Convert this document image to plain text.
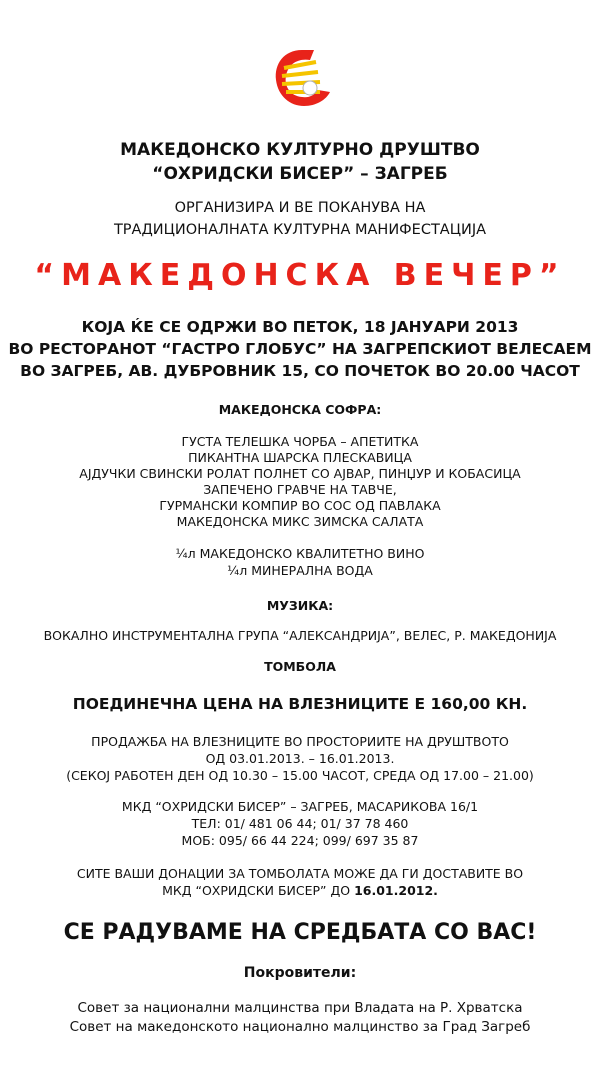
МАКЕДОНСКО КУЛТУРНО ДРУШТВО
“ОХРИДСКИ БИСЕР” – ЗАГРЕБ
ОРГАНИЗИРА И ВЕ ПОКАНУВА НА
ТРАДИЦИОНАЛНАТА КУЛТУРНА МАНИФЕСТАЦИЈА
“МАКЕДОНСКА ВЕЧЕР”
КОЈА ЌЕ СЕ ОДРЖИ ВО ПЕТОК, 18 ЈАНУАРИ 2013
ВО РЕСТОРАНОТ “ГАСТРО ГЛОБУС” НА ЗАГРЕПСКИОТ ВЕЛЕСАЕМ
ВО ЗАГРЕБ, АВ. ДУБРОВНИК 15, СО ПОЧЕТОК ВО 20.00 ЧАСОТ
МАКЕДОНСКА СОФРА:
ГУСТА ТЕЛЕШКА ЧОРБА – АПЕТИТКА
ПИКАНТНА ШАРСКА ПЛЕСКАВИЦА
АЈДУЧКИ СВИНСКИ РОЛАТ ПОЛНЕТ СО АЈВАР, ПИНЏУР И КОБАСИЦА
ЗАПЕЧЕНО ГРАВЧЕ НА ТАВЧЕ,
ГУРМАНСКИ КОМПИР ВО СОС ОД ПАВЛАКА
МАКЕДОНСКА МИКС ЗИМСКА САЛАТА
¼л МАКЕДОНСКО КВАЛИТЕТНО ВИНО
¼л МИНЕРАЛНА ВОДА
МУЗИКА:
ВОКАЛНО ИНСТРУМЕНТАЛНА ГРУПА “АЛЕКСАНДРИЈА”, ВЕЛЕС, Р. МАКЕДОНИЈА
ТОМБОЛА
ПОЕДИНЕЧНА ЦЕНА НА ВЛЕЗНИЦИТЕ Е 160,00 КН.
ПРОДАЖБА НА ВЛЕЗНИЦИТЕ ВО ПРОСТОРИИТЕ НА ДРУШТВОТО
ОД 03.01.2013. – 16.01.2013.
(СЕКОЈ РАБОТЕН ДЕН ОД 10.30 – 15.00 ЧАСОТ, СРЕДА ОД 17.00 – 21.00)
МКД “ОХРИДСКИ БИСЕР” – ЗАГРЕБ, МАСАРИКОВА 16/1
ТЕЛ: 01/ 481 06 44; 01/ 37 78 460
МОБ: 095/ 66 44 224; 099/ 697 35 87
СИТЕ ВАШИ ДОНАЦИИ ЗА ТОМБОЛАТА МОЖЕ ДА ГИ ДОСТАВИТЕ ВО
МКД “ОХРИДСКИ БИСЕР” ДО 16.01.2012.
СЕ РАДУВАМЕ НА СРЕДБАТА СО ВАС!
Покровители:
Совет за национални малцинства при Владата на Р. Хрватска
Совет на македонското национално малцинство за Град Загреб
